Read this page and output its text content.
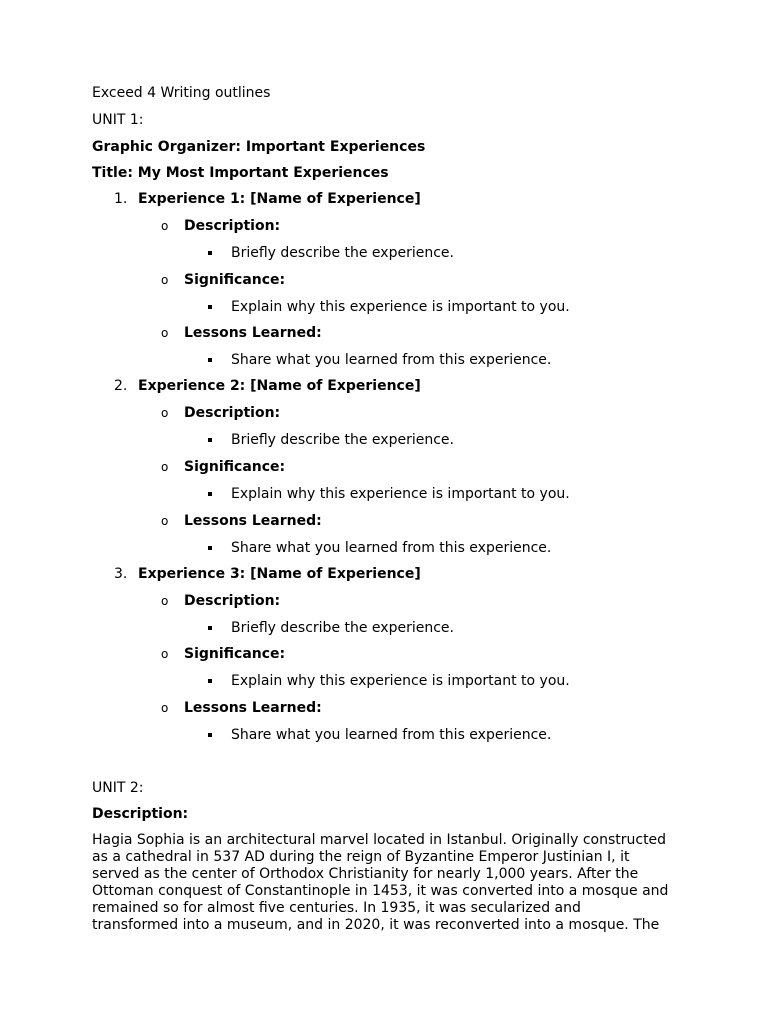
Exceed 4 Writing outlines
UNIT 1:
Graphic Organizer: Important Experiences
Title: My Most Important Experiences
1. Experience 1: [Name of Experience]
o Description:
Briefly describe the experience.
o Significance:
Explain why this experience is important to you.
o Lessons Learned:
Share what you learned from this experience.
2. Experience 2: [Name of Experience]
o Description:
Briefly describe the experience.
o Significance:
Explain why this experience is important to you.
o Lessons Learned:
Share what you learned from this experience.
3. Experience 3: [Name of Experience]
o Description:
Briefly describe the experience.
o Significance:
Explain why this experience is important to you.
o Lessons Learned:
Share what you learned from this experience.
UNIT 2:
Description:
Hagia Sophia is an architectural marvel located in Istanbul. Originally constructed
as a cathedral in 537 AD during the reign of Byzantine Emperor Justinian I, it
served as the center of Orthodox Christianity for nearly 1,000 years. After the
Ottoman conquest of Constantinople in 1453, it was converted into a mosque and
remained so for almost five centuries. In 1935, it was secularized and
transformed into a museum, and in 2020, it was reconverted into a mosque. The
